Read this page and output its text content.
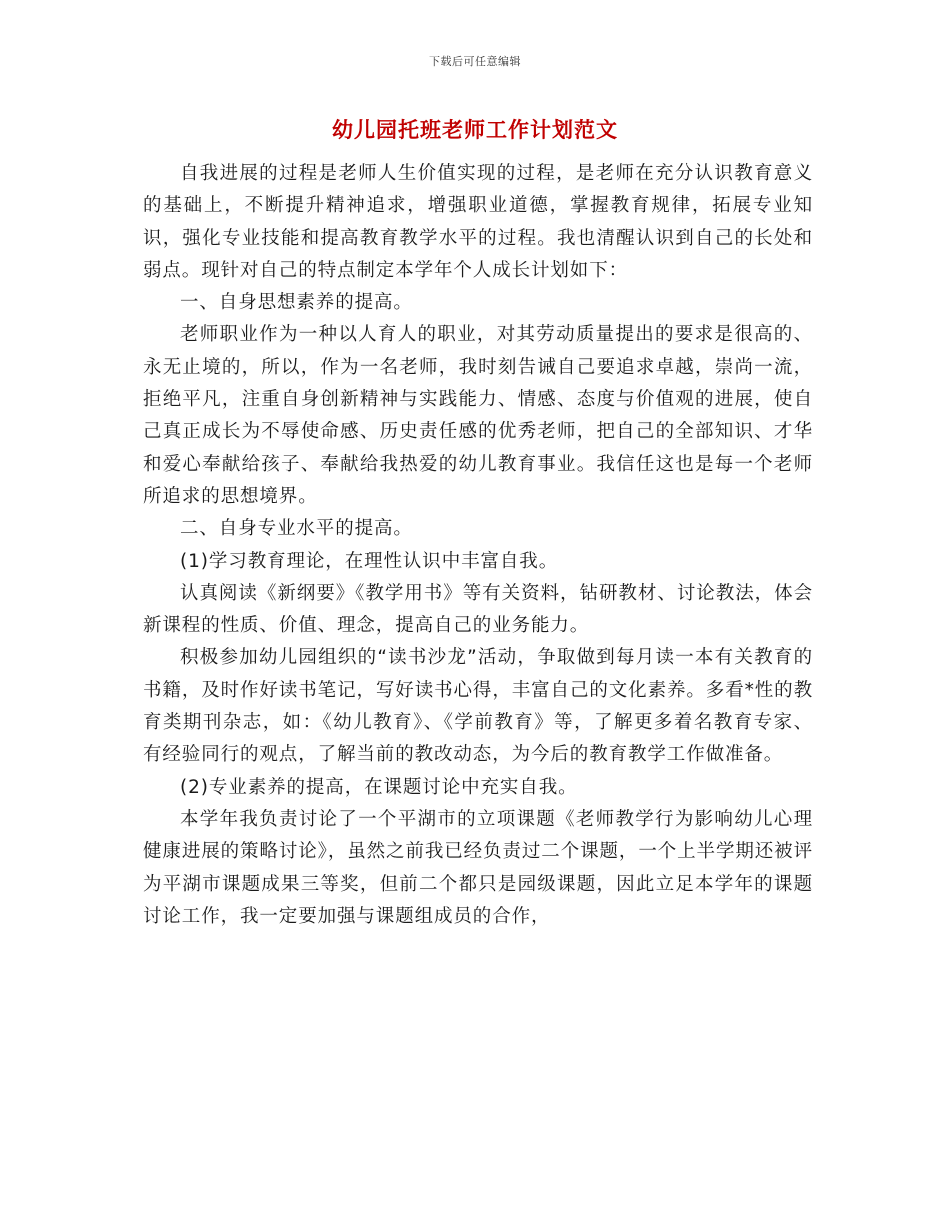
下载后可任意编辑
幼儿园托班老师工作计划范文

自我进展的过程是老师人生价值实现的过程，是老师在充分认识教育意义的基础上，不断提升精神追求，增强职业道德，掌握教育规律，拓展专业知识，强化专业技能和提高教育教学水平的过程。我也清醒认识到自己的长处和弱点。现针对自己的特点制定本学年个人成长计划如下：

一、自身思想素养的提高。

老师职业作为一种以人育人的职业，对其劳动质量提出的要求是很高的、永无止境的，所以，作为一名老师，我时刻告诫自己要追求卓越，崇尚一流，拒绝平凡，注重自身创新精神与实践能力、情感、态度与价值观的进展，使自己真正成长为不辱使命感、历史责任感的优秀老师，把自己的全部知识、才华和爱心奉献给孩子、奉献给我热爱的幼儿教育事业。我信任这也是每一个老师所追求的思想境界。

二、自身专业水平的提高。

(1)学习教育理论，在理性认识中丰富自我。

认真阅读《新纲要》《教学用书》等有关资料，钻研教材、讨论教法，体会新课程的性质、价值、理念，提高自己的业务能力。

积极参加幼儿园组织的“读书沙龙”活动，争取做到每月读一本有关教育的书籍，及时作好读书笔记，写好读书心得，丰富自己的文化素养。多看*性的教育类期刊杂志，如：《幼儿教育》、《学前教育》等，了解更多着名教育专家、有经验同行的观点，了解当前的教改动态，为今后的教育教学工作做准备。

(2)专业素养的提高，在课题讨论中充实自我。

本学年我负责讨论了一个平湖市的立项课题《老师教学行为影响幼儿心理健康进展的策略讨论》，虽然之前我已经负责过二个课题，一个上半学期还被评为平湖市课题成果三等奖，但前二个都只是园级课题，因此立足本学年的课题讨论工作，我一定要加强与课题组成员的合作，
